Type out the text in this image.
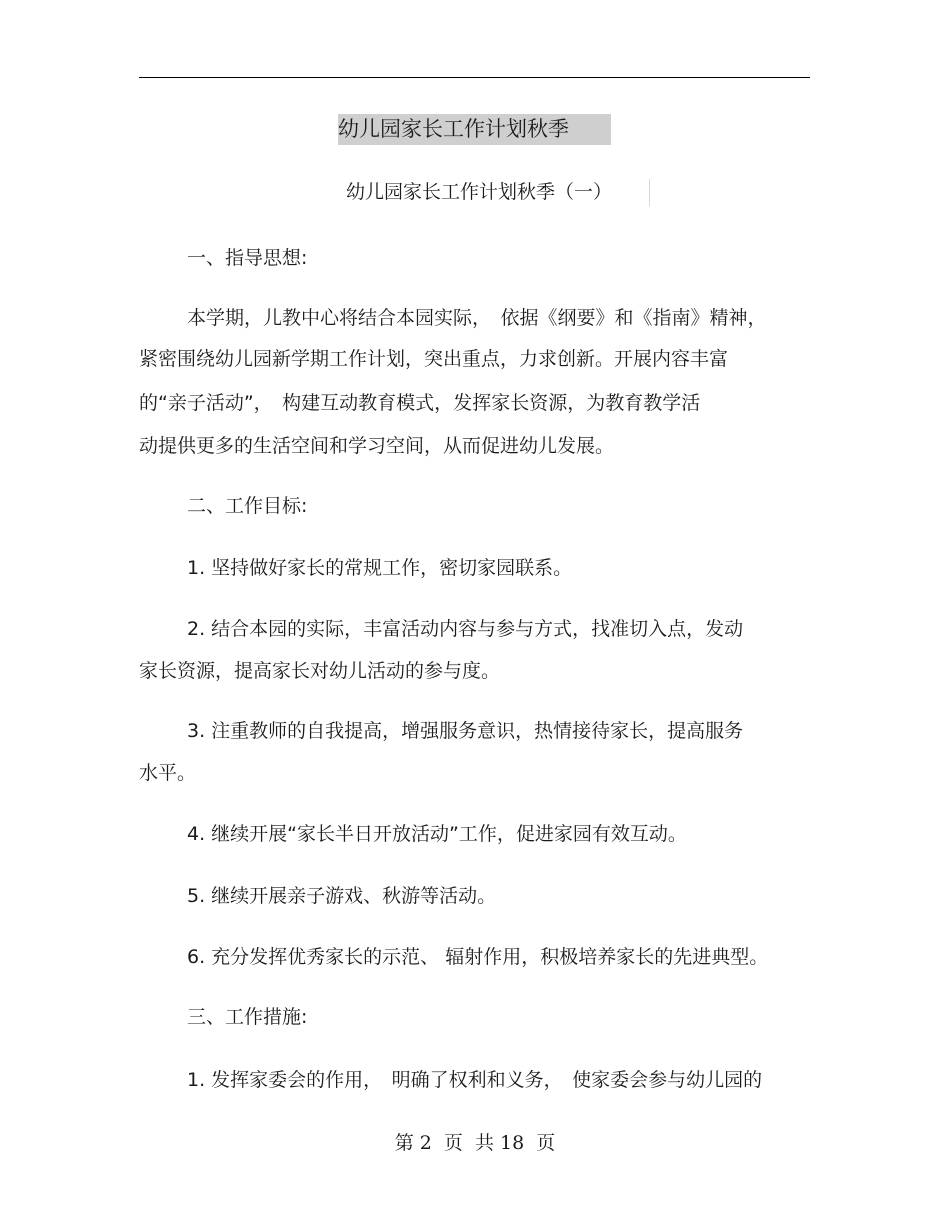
幼儿园家长工作计划秋季
幼儿园家长工作计划秋季（一）
一、指导思想:
本学期，儿教中心将结合本园实际，　依据《纲要》和《指南》精神，
紧密围绕幼儿园新学期工作计划，突出重点，力求创新。开展内容丰富
的“亲子活动”，　构建互动教育模式，发挥家长资源，为教育教学活
动提供更多的生活空间和学习空间，从而促进幼儿发展。
二、工作目标:
1. 坚持做好家长的常规工作，密切家园联系。
2. 结合本园的实际，丰富活动内容与参与方式，找准切入点，发动
家长资源，提高家长对幼儿活动的参与度。
3. 注重教师的自我提高，增强服务意识，热情接待家长，提高服务
水平。
4. 继续开展“家长半日开放活动”工作，促进家园有效互动。
5. 继续开展亲子游戏、秋游等活动。
6. 充分发挥优秀家长的示范、 辐射作用，积极培养家长的先进典型。
三、工作措施:
1. 发挥家委会的作用，　明确了权利和义务，　使家委会参与幼儿园的
第 2  页  共 18  页
